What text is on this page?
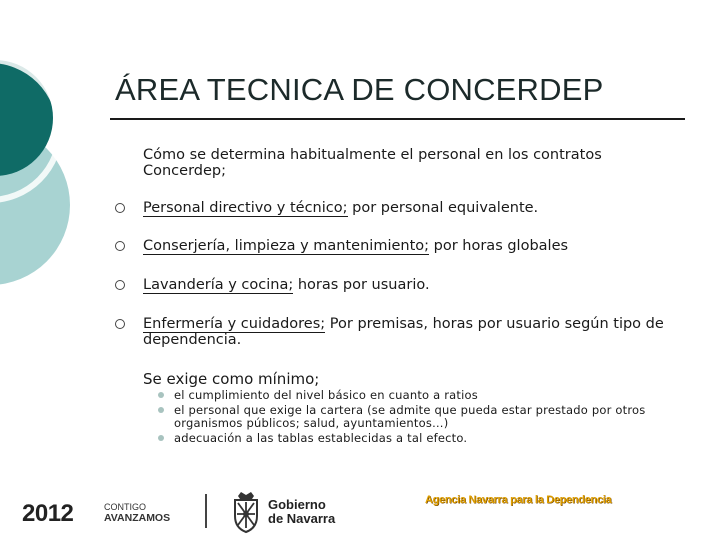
ÁREA TECNICA DE CONCERDEP
Cómo se determina habitualmente el personal en los contratos Concerdep;
Personal directivo y técnico; por personal equivalente.
Conserjería, limpieza y mantenimiento; por horas globales
Lavandería y cocina; horas por usuario.
Enfermería y cuidadores; Por premisas, horas por usuario según tipo de dependencia.
Se exige como mínimo;
el cumplimiento del nivel básico en cuanto a ratios
el personal que exige la cartera (se admite que pueda estar prestado por otros organismos públicos; salud, ayuntamientos…)
adecuación a las tablas establecidas a tal efecto.
2012	CONTIGO
AVANZAMOS
Gobierno
de Navarra
Agencia Navarra para la Dependencia
